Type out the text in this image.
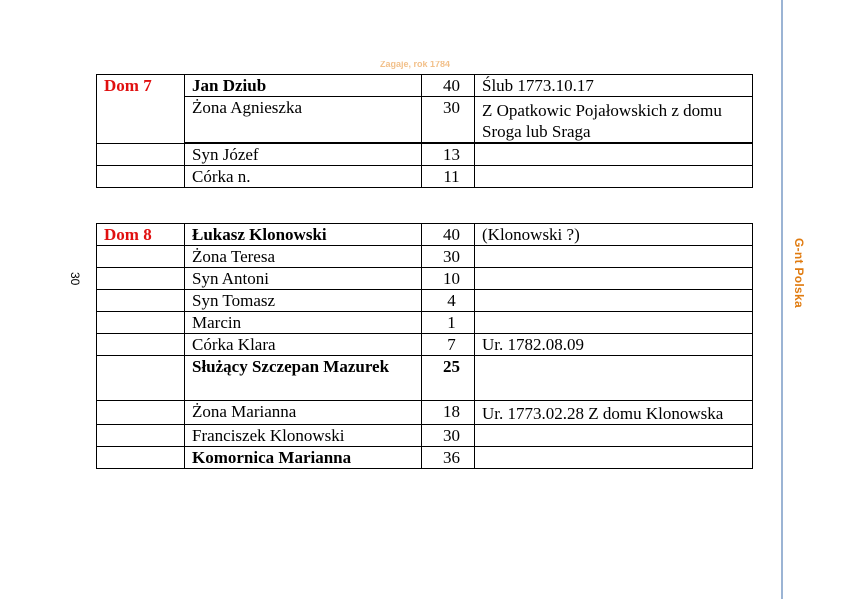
G-nt Polska
30
Zagaje, rok 1784
Dom 7	Jan Dziub	40	Ślub 1773.10.17
	Żona Agnieszka	30	Z Opatkowic Pojałowskich z domu Sroga lub Sraga
	Syn Józef	13	
	Córka n.	11	
Dom 8	Łukasz Klonowski	40	(Klonowski ?)
	Żona Teresa	30	
	Syn Antoni	10	
	Syn Tomasz	4	
	Marcin	1	
	Córka Klara	7	Ur. 1782.08.09
	Służący Szczepan Mazurek	25	
	Żona Marianna	18	Ur. 1773.02.28 Z domu Klonowska
	Franciszek Klonowski	30	
	Komornica Marianna	36	
